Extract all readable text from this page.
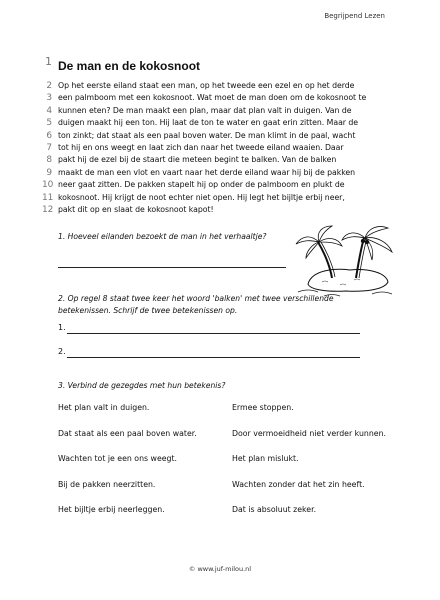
Begrijpend Lezen
1 De man en de kokosnoot
2 Op het eerste eiland staat een man, op het tweede een ezel en op het derde
3 een palmboom met een kokosnoot. Wat moet de man doen om de kokosnoot te
4 kunnen eten? De man maakt een plan, maar dat plan valt in duigen. Van de
5 duigen maakt hij een ton. Hij laat de ton te water en gaat erin zitten. Maar de
6 ton zinkt; dat staat als een paal boven water. De man klimt in de paal, wacht
7 tot hij en ons weegt en laat zich dan naar het tweede eiland waaien. Daar
8 pakt hij de ezel bij de staart die meteen begint te balken. Van de balken
9 maakt de man een vlot en vaart naar het derde eiland waar hij bij de pakken
10 neer gaat zitten. De pakken stapelt hij op onder de palmboom en plukt de
11 kokosnoot. Hij krijgt de noot echter niet open. Hij legt het bijltje erbij neer,
12 pakt dit op en slaat de kokosnoot kapot!
1. Hoeveel eilanden bezoekt de man in het verhaaltje?
2. Op regel 8 staat twee keer het woord 'balken' met twee verschillende
betekenissen. Schrijf de twee betekenissen op.
1.
2.
3. Verbind de gezegdes met hun betekenis?
Het plan valt in duigen.	Ermee stoppen.
Dat staat als een paal boven water.	Door vermoeidheid niet verder kunnen.
Wachten tot je een ons weegt.	Het plan mislukt.
Bij de pakken neerzitten.	Wachten zonder dat het zin heeft.
Het bijltje erbij neerleggen.	Dat is absoluut zeker.
© www.juf-milou.nl
